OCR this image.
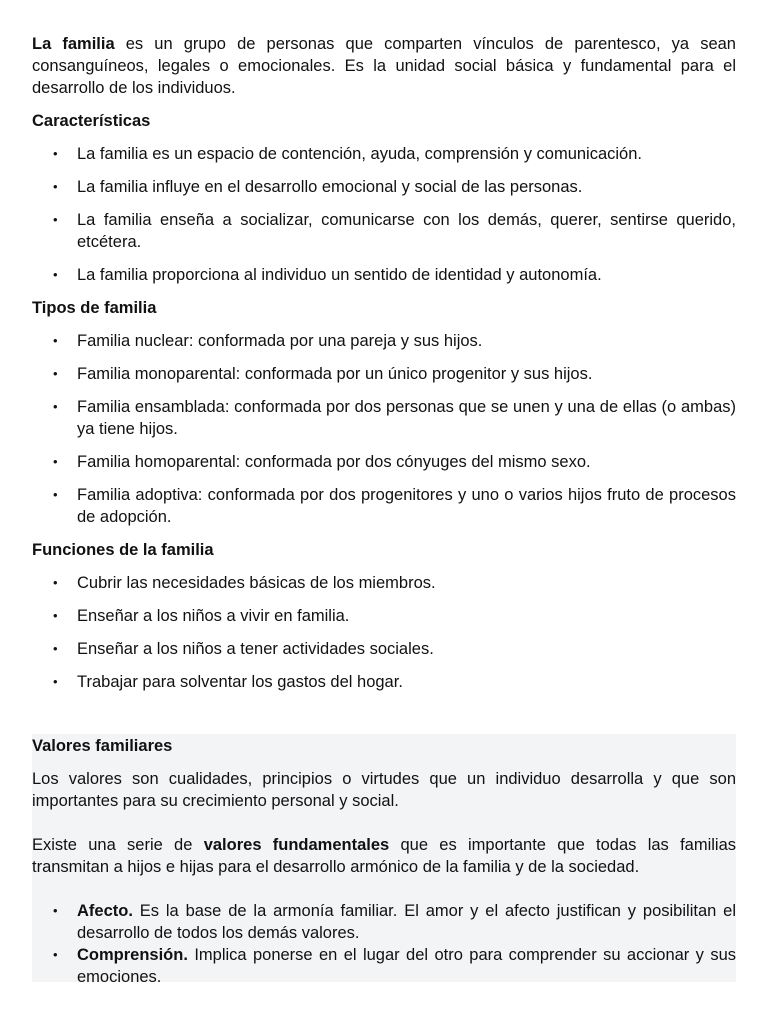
La familia es un grupo de personas que comparten vínculos de parentesco, ya sean consanguíneos, legales o emocionales. Es la unidad social básica y fundamental para el desarrollo de los individuos.

Características
• La familia es un espacio de contención, ayuda, comprensión y comunicación.
• La familia influye en el desarrollo emocional y social de las personas.
• La familia enseña a socializar, comunicarse con los demás, querer, sentirse querido, etcétera.
• La familia proporciona al individuo un sentido de identidad y autonomía.
Tipos de familia
• Familia nuclear: conformada por una pareja y sus hijos.
• Familia monoparental: conformada por un único progenitor y sus hijos.
• Familia ensamblada: conformada por dos personas que se unen y una de ellas (o ambas) ya tiene hijos.
• Familia homoparental: conformada por dos cónyuges del mismo sexo.
• Familia adoptiva: conformada por dos progenitores y uno o varios hijos fruto de procesos de adopción.
Funciones de la familia
• Cubrir las necesidades básicas de los miembros.
• Enseñar a los niños a vivir en familia.
• Enseñar a los niños a tener actividades sociales.
• Trabajar para solventar los gastos del hogar.
Valores familiares

Los valores son cualidades, principios o virtudes que un individuo desarrolla y que son importantes para su crecimiento personal y social.

Existe una serie de valores fundamentales que es importante que todas las familias transmitan a hijos e hijas para el desarrollo armónico de la familia y de la sociedad.

• Afecto. Es la base de la armonía familiar. El amor y el afecto justifican y posibilitan el desarrollo de todos los demás valores.
• Comprensión. Implica ponerse en el lugar del otro para comprender su accionar y sus emociones.
